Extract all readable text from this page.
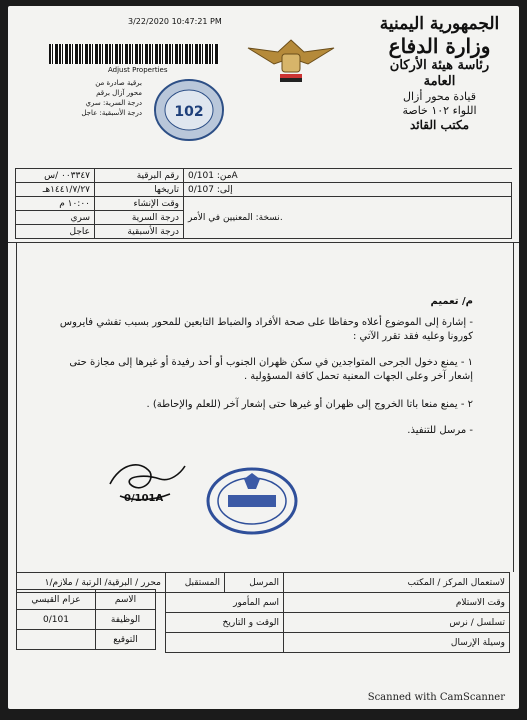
3/22/2020 10:47:21 PM
Adjust Properties
برقية صادرة من
محور آزال برقم
درجة السرية: سري
درجة الأسبقية: عاجل 102
الجمهورية اليمنية
وزارة الدفاع
رئاسة هيئة الأركان العامة
قيادة محور أزال
اللواء ١٠٢ خاصة
مكتب القائد
٠٠٣٣٤٧ /س	رقم البرقية	من: 0/101A
١٤٤١/٧/٢٧هـ	تاريخها	إلى: 0/107
١٠:٠٠ م	وقت الإنشاء	نسخة: المعنيين في الأمر.
سري	درجة السرية	
عاجل	درجة الأسبقية	
م/ تعميم
- إشارة إلى الموضوع أعلاه وحفاظا على صحة الأفراد والضباط التابعين للمحور بسبب تفشي فايروس كورونا وعليه فقد تقرر الآتي :
١ - يمنع دخول الجرحى المتواجدين في سكن ظهران الجنوب أو أحد رفيدة أو غيرها إلى مجازة حتى إشعار آخر وعلى الجهات المعنية تحمل كافة المسؤولية .
٢ - يمنع منعا باتا الخروج إلى ظهران أو غيرها حتى إشعار آخر (للعلم والإحاطة) .
- مرسل للتنفيذ.
0/101A
محرر / البرقية/ الرتبة / ملازم/١	المستقبل	المرسل	لاستعمال المركز / المكتب
	اسم المأمور		وقت الاستلام
	الوقت و التاريخ		تسلسل / نرس
			وسيلة الإرسال
عزام القيسي	الاسم
0/101	الوظيفة
	التوقيع
Scanned with CamScanner
